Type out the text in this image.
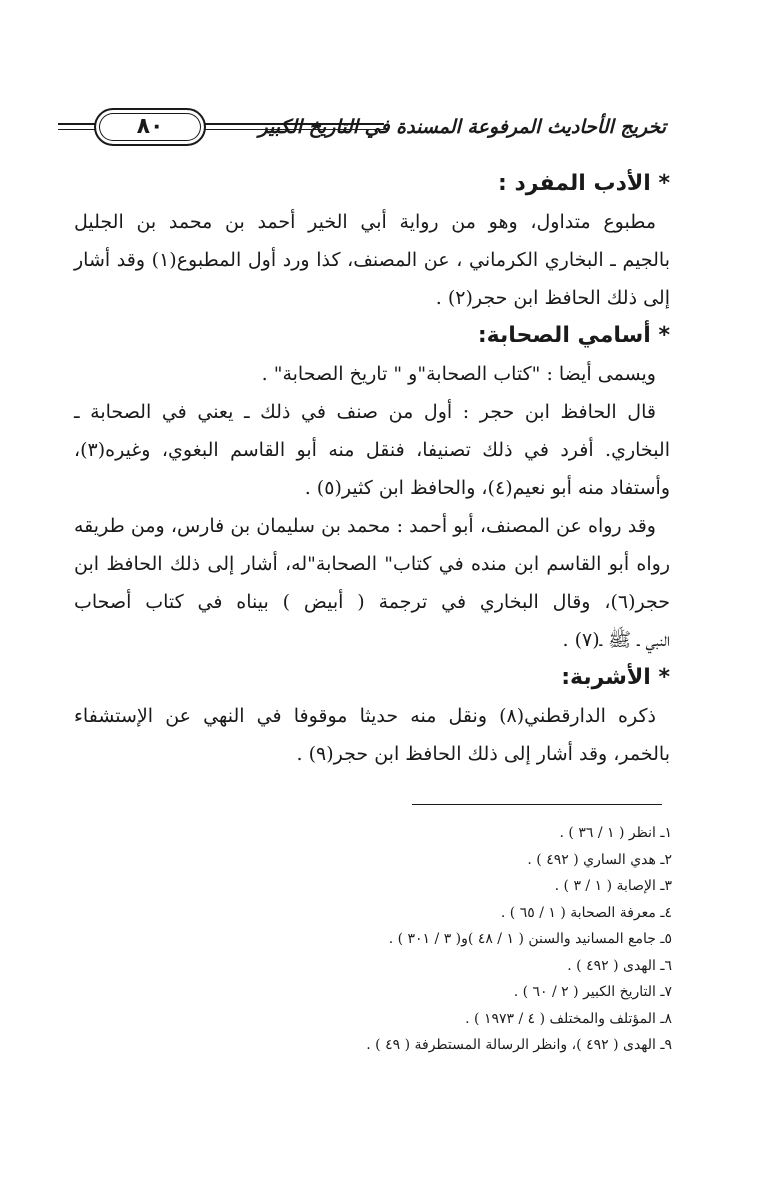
تخريج الأحاديث المرفوعة المسندة في التاريخ الكبير
٨٠
* الأدب المفرد :
مطبوع متداول، وهو من رواية أبي الخير أحمد بن محمد بن الجليل
بالجيم ـ البخاري الكرماني ، عن المصنف، كذا ورد أول المطبوع(١) وقد أشار
إلى ذلك الحافظ ابن حجر(٢) .
* أسامي الصحابة:
ويسمى أيضا : "كتاب الصحابة"و " تاريخ الصحابة" .
قال الحافظ ابن حجر : أول من صنف في ذلك ـ يعني في الصحابة ـ
البخاري. أفرد في ذلك تصنيفا، فنقل منه أبو القاسم البغوي، وغيره(٣)،
وأستفاد منه أبو نعيم(٤)، والحافظ ابن كثير(٥) .
وقد رواه عن المصنف، أبو أحمد : محمد بن سليمان بن فارس، ومن طريقه
رواه أبو القاسم ابن منده في كتاب" الصحابة"له، أشار إلى ذلك الحافظ ابن
حجر(٦)، وقال البخاري في ترجمة ( أبيض ) بيناه في كتاب أصحاب
النبي ـ ﷺ ـ(٧) .
* الأشربة:
ذكره الدارقطني(٨) ونقل منه حديثا موقوفا في النهي عن الإستشفاء
بالخمر، وقد أشار إلى ذلك الحافظ ابن حجر(٩) .
١ـ انظر ( ١ / ٣٦ ) .
٢ـ هدي الساري ( ٤٩٢ ) .
٣ـ الإصابة ( ١ / ٣ ) .
٤ـ معرفة الصحابة ( ١ / ٦٥ ) .
٥ـ جامع المسانيد والسنن ( ١ / ٤٨ )و( ٣ / ٣٠١ ) .
٦ـ الهدى ( ٤٩٢ ) .
٧ـ التاريخ الكبير ( ٢ / ٦٠ ) .
٨ـ المؤتلف والمختلف ( ٤ / ١٩٧٣ ) .
٩ـ الهدى ( ٤٩٢ )، وانظر الرسالة المستطرفة ( ٤٩ ) .
